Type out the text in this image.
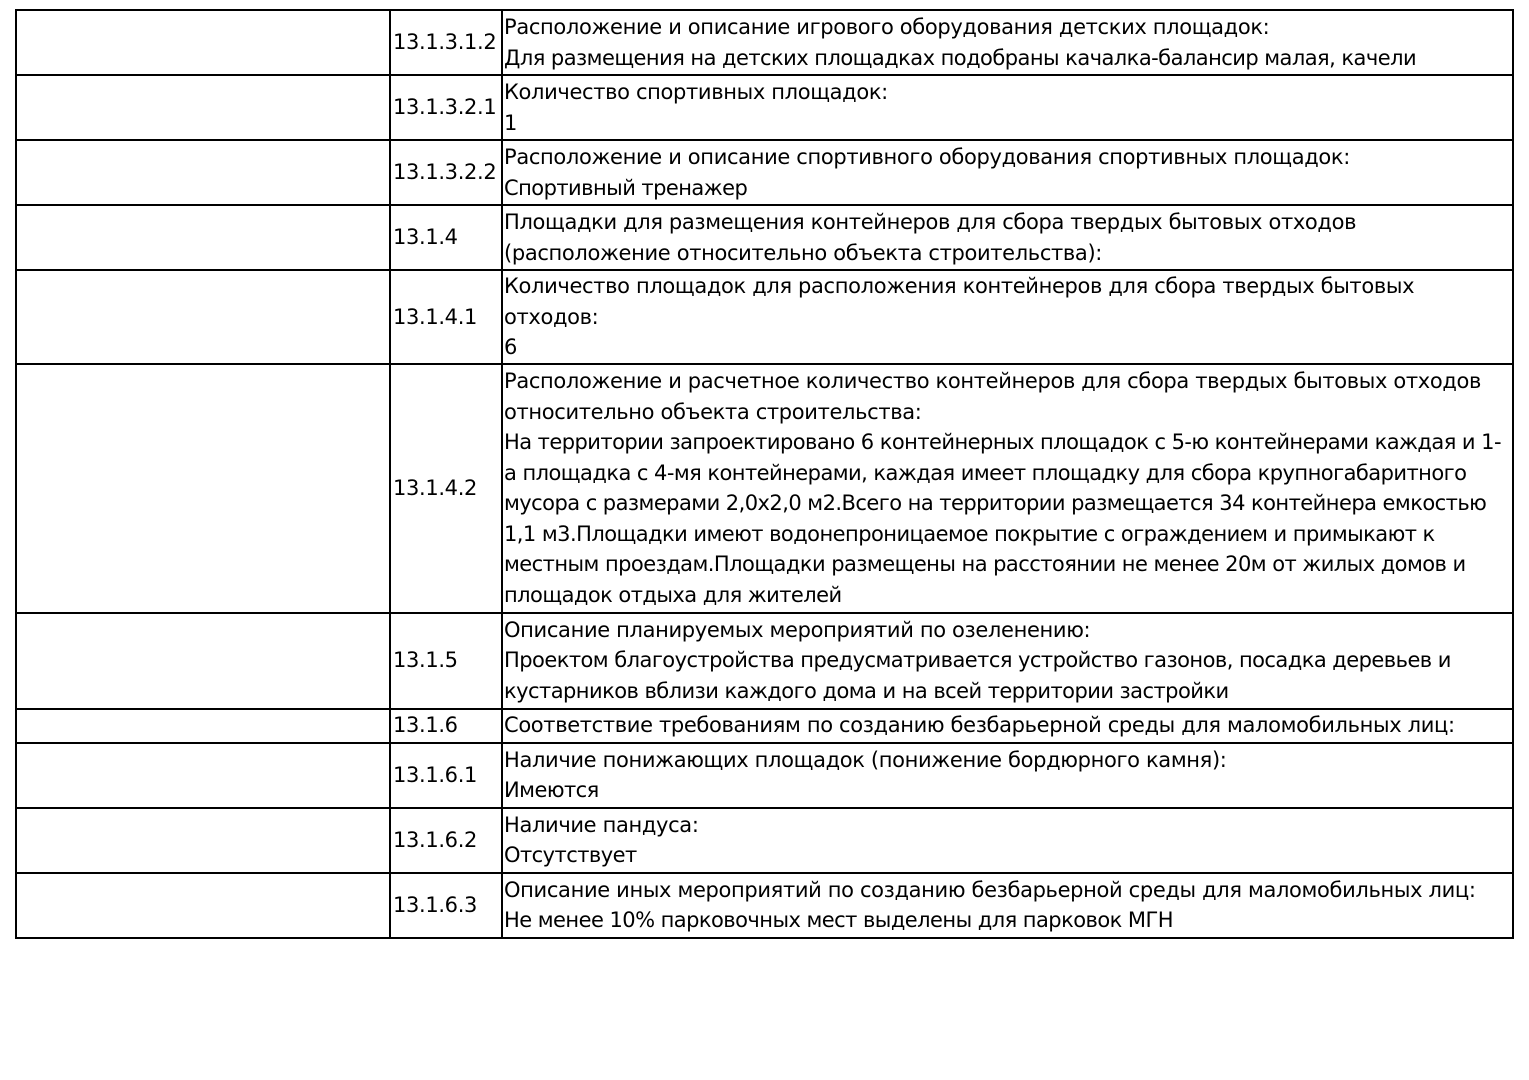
	13.1.3.1.2	Расположение и описание игрового оборудования детских площадок:
Для размещения на детских площадках подобраны качалка-балансир малая, качели

	13.1.3.2.1	Количество спортивных площадок:
1

	13.1.3.2.2	Расположение и описание спортивного оборудования спортивных площадок:
Спортивный тренажер

	13.1.4	Площадки для размещения контейнеров для сбора твердых бытовых отходов (расположение относительно объекта строительства):

	13.1.4.1	Количество площадок для расположения контейнеров для сбора твердых бытовых отходов:
6

	13.1.4.2	Расположение и расчетное количество контейнеров для сбора твердых бытовых отходов относительно объекта строительства:
На территории запроектировано 6 контейнерных площадок с 5-ю контейнерами каждая и 1-а площадка с 4-мя контейнерами, каждая имеет площадку для сбора крупногабаритного мусора с размерами 2,0х2,0 м2.Всего на территории размещается 34 контейнера емкостью 1,1 м3.Площадки имеют водонепроницаемое покрытие с ограждением и примыкают к местным проездам.Площадки размещены на расстоянии не менее 20м от жилых домов и площадок отдыха для жителей

	13.1.5	Описание планируемых мероприятий по озеленению:
Проектом благоустройства предусматривается устройство газонов, посадка деревьев и кустарников вблизи каждого дома и на всей территории застройки

	13.1.6	Соответствие требованиям по созданию безбарьерной среды для маломобильных лиц:

	13.1.6.1	Наличие понижающих площадок (понижение бордюрного камня):
Имеются

	13.1.6.2	Наличие пандуса:
Отсутствует

	13.1.6.3	Описание иных мероприятий по созданию безбарьерной среды для маломобильных лиц:
Не менее 10% парковочных мест выделены для парковок МГН
